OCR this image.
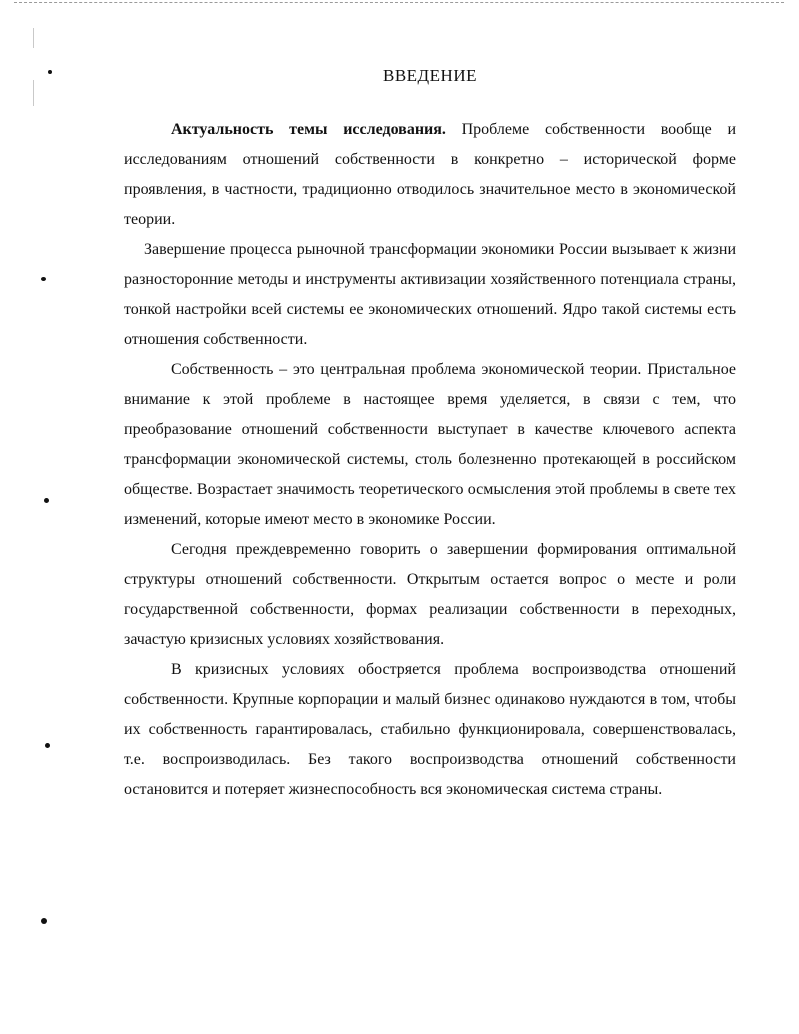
ВВЕДЕНИЕ

Актуальность темы исследования. Проблеме собственности вообще и исследованиям отношений собственности в конкретно – исторической форме проявления, в частности, традиционно отводилось значительное место в экономической теории.

Завершение процесса рыночной трансформации экономики России вызывает к жизни разносторонние методы и инструменты активизации хозяйственного потенциала страны, тонкой настройки всей системы ее экономических отношений. Ядро такой системы есть отношения собственности.

Собственность – это центральная проблема экономической теории. Пристальное внимание к этой проблеме в настоящее время уделяется, в связи с тем, что преобразование отношений собственности выступает в качестве ключевого аспекта трансформации экономической системы, столь болезненно протекающей в российском обществе. Возрастает значимость теоретического осмысления этой проблемы в свете тех изменений, которые имеют место в экономике России.

Сегодня преждевременно говорить о завершении формирования оптимальной структуры отношений собственности. Открытым остается вопрос о месте и роли государственной собственности, формах реализации собственности в переходных, зачастую кризисных условиях хозяйствования.

В кризисных условиях обостряется проблема воспроизводства отношений собственности. Крупные корпорации и малый бизнес одинаково нуждаются в том, чтобы их собственность гарантировалась, стабильно функционировала, совершенствовалась, т.е. воспроизводилась. Без такого воспроизводства отношений собственности остановится и потеряет жизнеспособность вся экономическая система страны.
